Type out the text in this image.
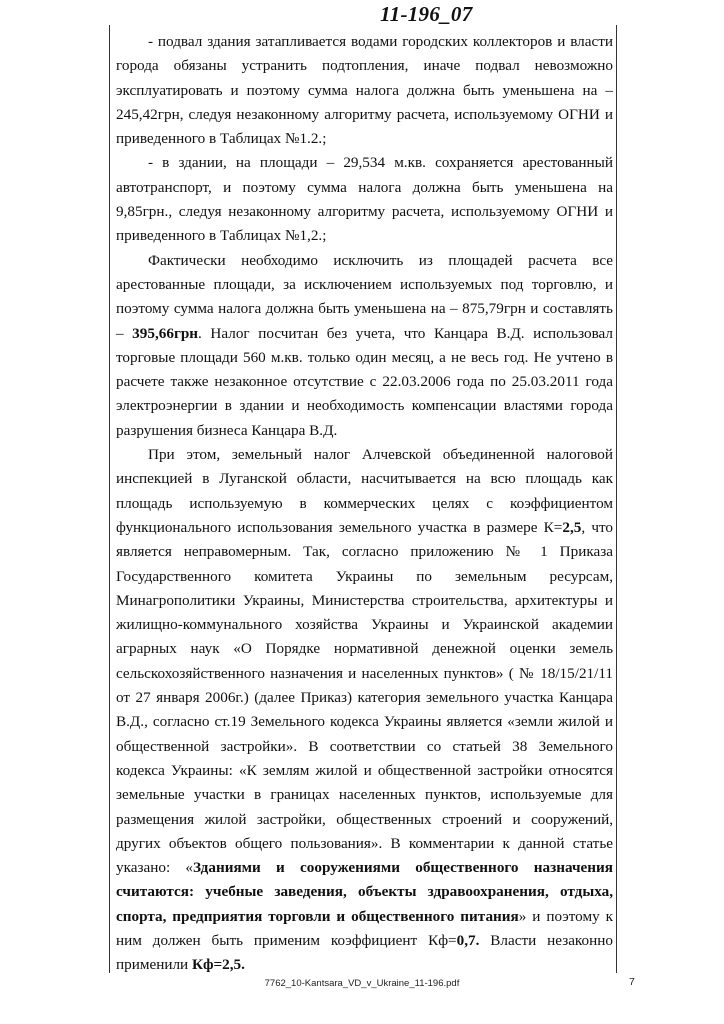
11-196_07

- подвал здания затапливается водами городских коллекторов и власти города обязаны устранить подтопления, иначе подвал невозможно эксплуатировать и поэтому сумма налога должна быть уменьшена на – 245,42грн, следуя незаконному алгоритму расчета, используемому ОГНИ и приведенного в Таблицах №1.2.;

- в здании, на площади – 29,534 м.кв. сохраняется арестованный автотранспорт, и поэтому сумма налога должна быть уменьшена на 9,85грн., следуя незаконному алгоритму расчета, используемому ОГНИ и приведенного в Таблицах №1,2.;

Фактически необходимо исключить из площадей расчета все арестованные площади, за исключением используемых под торговлю, и поэтому сумма налога должна быть уменьшена на – 875,79грн и составлять – 395,66грн. Налог посчитан без учета, что Канцара В.Д. использовал торговые площади 560 м.кв. только один месяц, а не весь год. Не учтено в расчете также незаконное отсутствие с 22.03.2006 года по 25.03.2011 года электроэнергии в здании и необходимость компенсации властями города разрушения бизнеса Канцара В.Д.

При этом, земельный налог Алчевской объединенной налоговой инспекцией в Луганской области, насчитывается на всю площадь как площадь используемую в коммерческих целях с коэффициентом функционального использования земельного участка в размере К=2,5, что является неправомерным. Так, согласно приложению № 1 Приказа Государственного комитета Украины по земельным ресурсам, Минагрополитики Украины, Министерства строительства, архитектуры и жилищно-коммунального хозяйства Украины и Украинской академии аграрных наук «О Порядке нормативной денежной оценки земель сельскохозяйственного назначения и населенных пунктов» ( № 18/15/21/11 от 27 января 2006г.) (далее Приказ) категория земельного участка Канцара В.Д., согласно ст.19 Земельного кодекса Украины является «земли жилой и общественной застройки». В соответствии со статьей 38 Земельного кодекса Украины: «К землям жилой и общественной застройки относятся земельные участки в границах населенных пунктов, используемые для размещения жилой застройки, общественных строений и сооружений, других объектов общего пользования». В комментарии к данной статье указано: «Зданиями и сооружениями общественного назначения считаются: учебные заведения, объекты здравоохранения, отдыха, спорта, предприятия торговли и общественного питания» и поэтому к ним должен быть применим коэффициент Кф=0,7. Власти незаконно применили Кф=2,5.

7762_10-Kantsara_VD_v_Ukraine_11-196.pdf	7
